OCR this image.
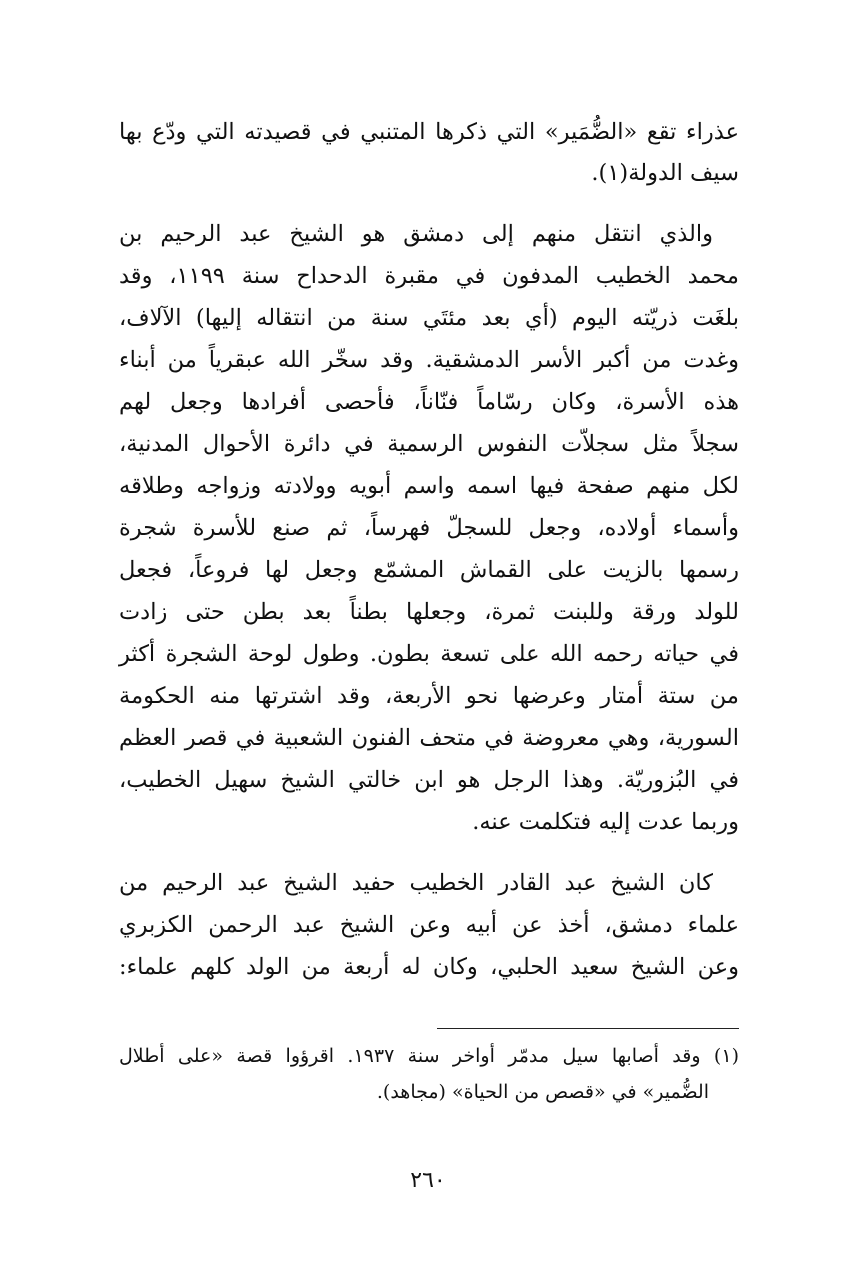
عذراء تقع «الضُّمَير» التي ذكرها المتنبي في قصيدته التي ودّع بها
سيف الدولة(١).
والذي انتقل منهم إلى دمشق هو الشيخ عبد الرحيم بن
محمد الخطيب المدفون في مقبرة الدحداح سنة ١١٩٩، وقد
بلغَت ذريّته اليوم (أي بعد مئتَي سنة من انتقاله إليها) الآلاف،
وغدت من أكبر الأسر الدمشقية. وقد سخّر الله عبقرياً من أبناء
هذه الأسرة، وكان رسّاماً فنّاناً، فأحصى أفرادها وجعل لهم
سجلاً مثل سجلاّت النفوس الرسمية في دائرة الأحوال المدنية،
لكل منهم صفحة فيها اسمه واسم أبويه وولادته وزواجه وطلاقه
وأسماء أولاده، وجعل للسجلّ فهرساً، ثم صنع للأسرة شجرة
رسمها بالزيت على القماش المشمّع وجعل لها فروعاً، فجعل
للولد ورقة وللبنت ثمرة، وجعلها بطناً بعد بطن حتى زادت
في حياته رحمه الله على تسعة بطون. وطول لوحة الشجرة أكثر
من ستة أمتار وعرضها نحو الأربعة، وقد اشترتها منه الحكومة
السورية، وهي معروضة في متحف الفنون الشعبية في قصر العظم
في البُزوريّة. وهذا الرجل هو ابن خالتي الشيخ سهيل الخطيب،
وربما عدت إليه فتكلمت عنه.
كان الشيخ عبد القادر الخطيب حفيد الشيخ عبد الرحيم من
علماء دمشق، أخذ عن أبيه وعن الشيخ عبد الرحمن الكزبري
وعن الشيخ سعيد الحلبي، وكان له أربعة من الولد كلهم علماء:
(١) وقد أصابها سيل مدمّر أواخر سنة ١٩٣٧. اقرؤوا قصة «على أطلال
الضُّمير» في «قصص من الحياة» (مجاهد).
٢٦٠
